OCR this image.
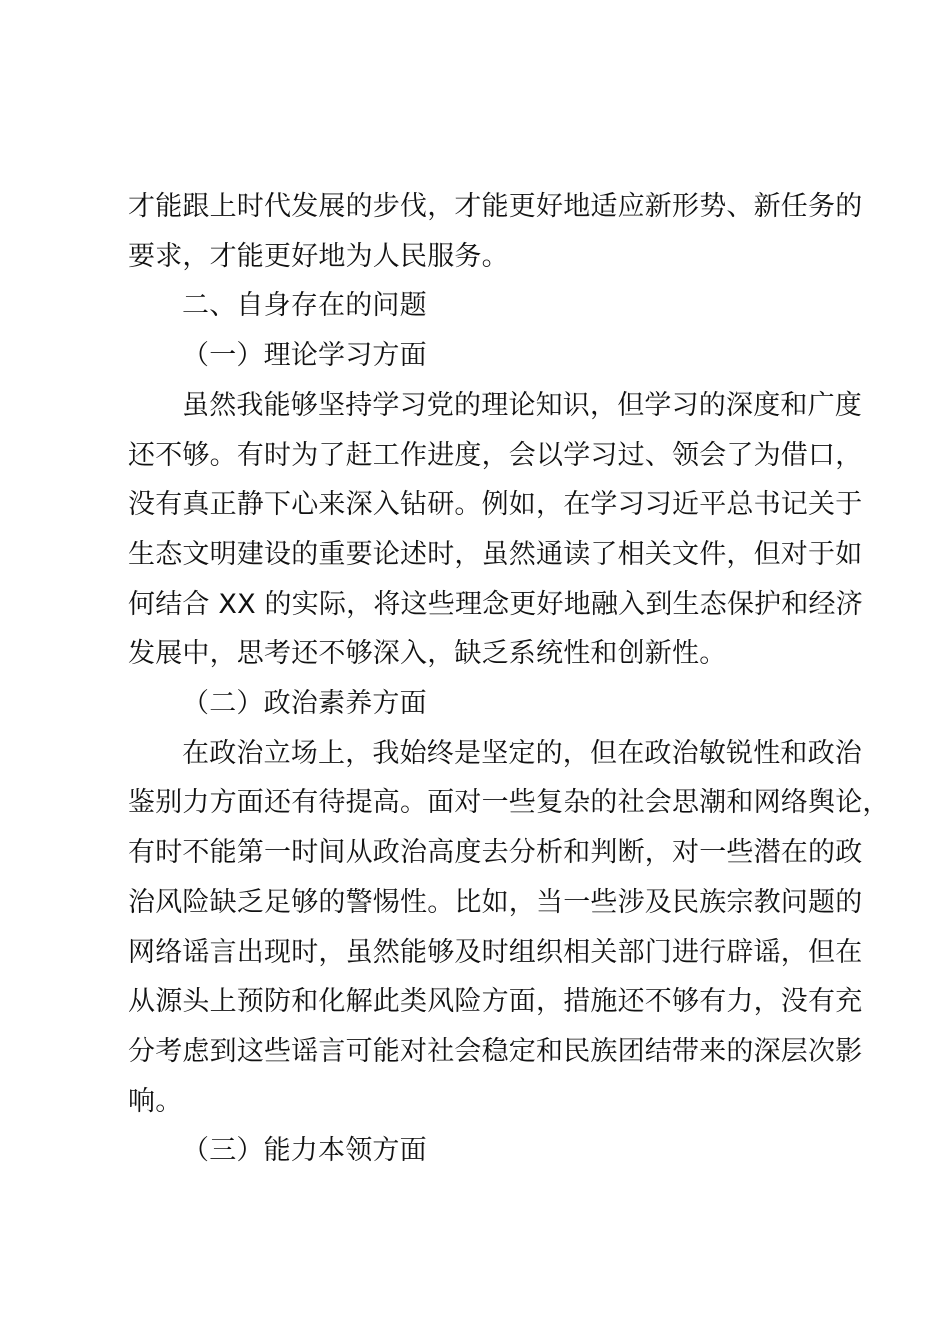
才能跟上时代发展的步伐，才能更好地适应新形势、新任务的
要求，才能更好地为人民服务。

二、自身存在的问题

（一）理论学习方面

虽然我能够坚持学习党的理论知识，但学习的深度和广度
还不够。有时为了赶工作进度，会以学习过、领会了为借口，
没有真正静下心来深入钻研。例如，在学习习近平总书记关于
生态文明建设的重要论述时，虽然通读了相关文件，但对于如
何结合 XX 的实际，将这些理念更好地融入到生态保护和经济
发展中，思考还不够深入，缺乏系统性和创新性。

（二）政治素养方面

在政治立场上，我始终是坚定的，但在政治敏锐性和政治
鉴别力方面还有待提高。面对一些复杂的社会思潮和网络舆论，
有时不能第一时间从政治高度去分析和判断，对一些潜在的政
治风险缺乏足够的警惕性。比如，当一些涉及民族宗教问题的
网络谣言出现时，虽然能够及时组织相关部门进行辟谣，但在
从源头上预防和化解此类风险方面，措施还不够有力，没有充
分考虑到这些谣言可能对社会稳定和民族团结带来的深层次影
响。

（三）能力本领方面
